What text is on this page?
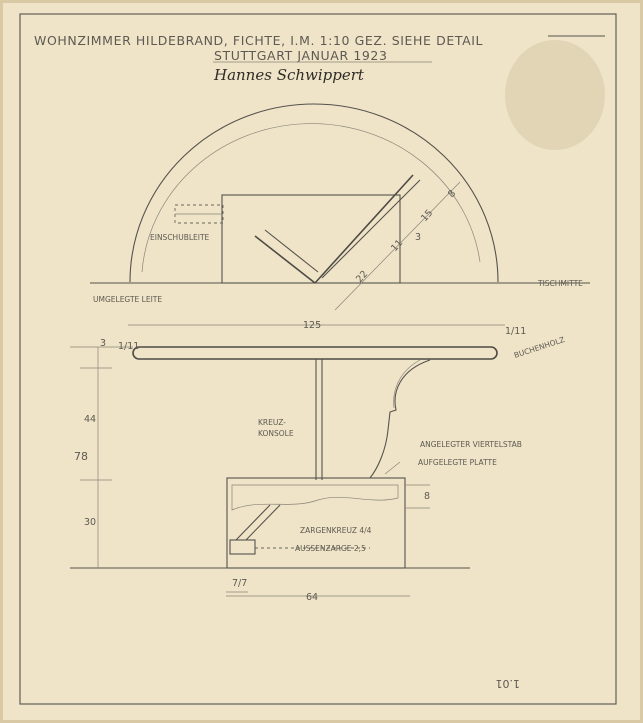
WOHNZIMMER HILDEBRAND, FICHTE, I.M. 1:10 GEZ. SIEHE DETAIL
STUTTGART JANUAR 1923
Hannes Schwippert
22
11
3
15
8
EINSCHUBLEITE
UMGELEGTE LEITE
TISCHMITTE
125
3 1/11
1/11
BUCHENHOLZ
KREUZ-
KONSOLE
ANGELEGTER VIERTELSTAB
AUFGELEGTE PLATTE
8
ZARGENKREUZ 4/4
AUSSENZARGE 2,5
44
78
30
7/7
64
1.01
